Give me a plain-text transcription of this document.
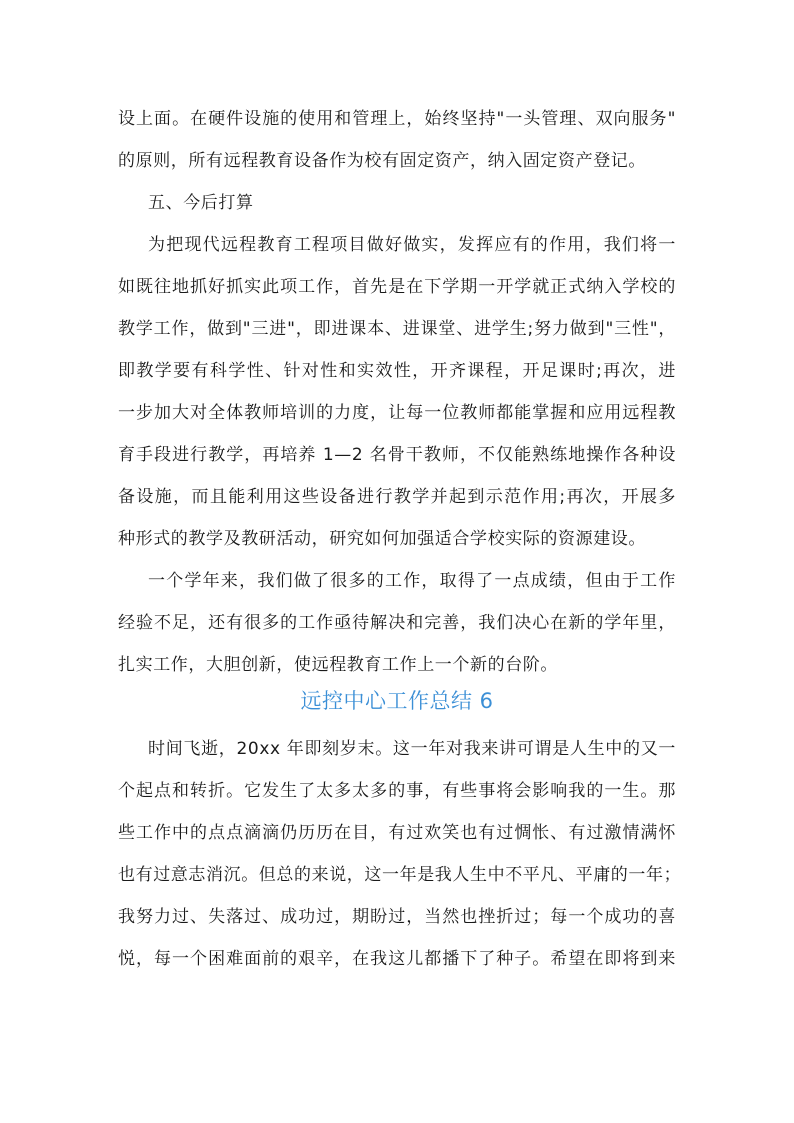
设上面。在硬件设施的使用和管理上，始终坚持"一头管理、双向服务"
的原则，所有远程教育设备作为校有固定资产，纳入固定资产登记。
五、今后打算
为把现代远程教育工程项目做好做实，发挥应有的作用，我们将一
如既往地抓好抓实此项工作，首先是在下学期一开学就正式纳入学校的
教学工作，做到"三进"，即进课本、进课堂、进学生;努力做到"三性"，
即教学要有科学性、针对性和实效性，开齐课程，开足课时;再次，进
一步加大对全体教师培训的力度，让每一位教师都能掌握和应用远程教
育手段进行教学，再培养 1—2 名骨干教师，不仅能熟练地操作各种设
备设施，而且能利用这些设备进行教学并起到示范作用;再次，开展多
种形式的教学及教研活动，研究如何加强适合学校实际的资源建设。
一个学年来，我们做了很多的工作，取得了一点成绩，但由于工作
经验不足，还有很多的工作亟待解决和完善，我们决心在新的学年里，
扎实工作，大胆创新，使远程教育工作上一个新的台阶。
远控中心工作总结 6
时间飞逝，20xx 年即刻岁末。这一年对我来讲可谓是人生中的又一
个起点和转折。它发生了太多太多的事，有些事将会影响我的一生。那
些工作中的点点滴滴仍历历在目，有过欢笑也有过惆怅、有过激情满怀
也有过意志消沉。但总的来说，这一年是我人生中不平凡、平庸的一年；
我努力过、失落过、成功过，期盼过，当然也挫折过；每一个成功的喜
悦，每一个困难面前的艰辛，在我这儿都播下了种子。希望在即将到来
